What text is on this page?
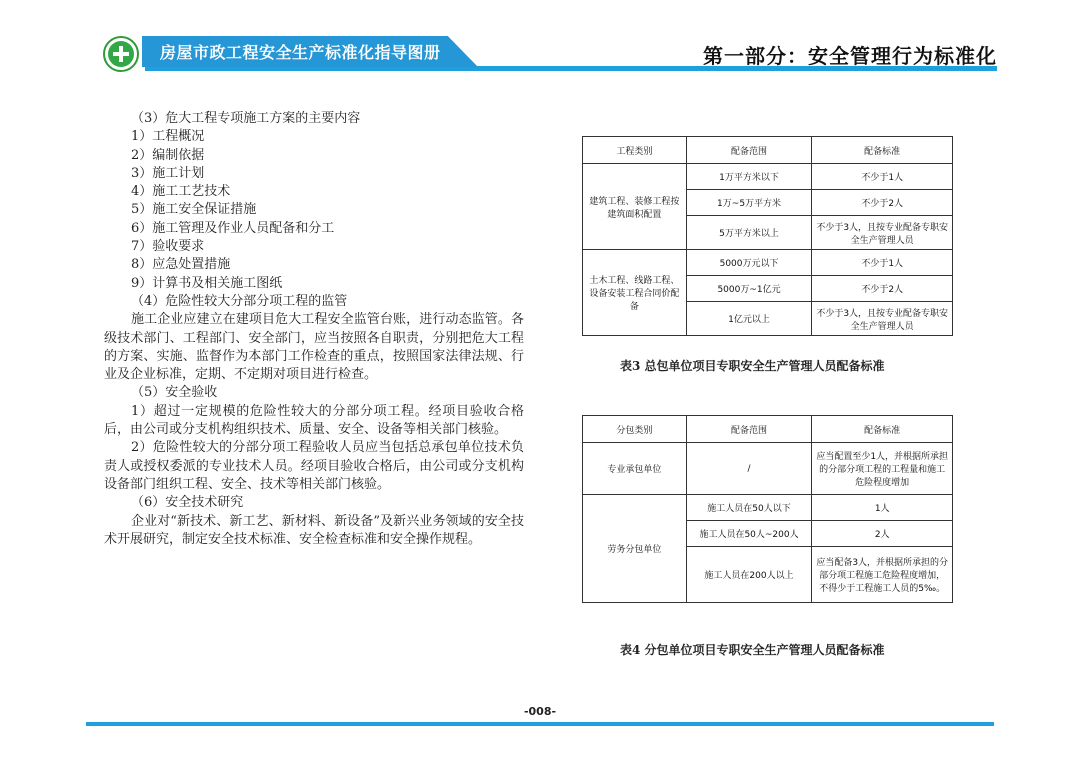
房屋市政工程安全生产标准化指导图册	第一部分：安全管理行为标准化

（3）危大工程专项施工方案的主要内容

1）工程概况

2）编制依据

3）施工计划

4）施工工艺技术

5）施工安全保证措施

6）施工管理及作业人员配备和分工

7）验收要求

8）应急处置措施

9）计算书及相关施工图纸

（4）危险性较大分部分项工程的监管

施工企业应建立在建项目危大工程安全监管台账，进行动态监管。各级技术部门、工程部门、安全部门，应当按照各自职责，分别把危大工程的方案、实施、监督作为本部门工作检查的重点，按照国家法律法规、行业及企业标准，定期、不定期对项目进行检查。

（5）安全验收

1）超过一定规模的危险性较大的分部分项工程。经项目验收合格后，由公司或分支机构组织技术、质量、安全、设备等相关部门核验。

2）危险性较大的分部分项工程验收人员应当包括总承包单位技术负责人或授权委派的专业技术人员。经项目验收合格后，由公司或分支机构设备部门组织工程、安全、技术等相关部门核验。

（6）安全技术研究

企业对“新技术、新工艺、新材料、新设备”及新兴业务领域的安全技术开展研究，制定安全技术标准、安全检查标准和安全操作规程。

工程类别	配备范围	配备标准
建筑工程、装修工程按建筑面积配置	1万平方米以下	不少于1人
	1万~5万平方米	不少于2人
	5万平方米以上	不少于3人，且按专业配备专职安全生产管理人员
土木工程、线路工程、设备安装工程合同价配备	5000万元以下	不少于1人
	5000万~1亿元	不少于2人
	1亿元以上	不少于3人，且按专业配备专职安全生产管理人员
表3 总包单位项目专职安全生产管理人员配备标准
分包类别	配备范围	配备标准
专业承包单位	/	应当配置至少1人，并根据所承担的分部分项工程的工程量和施工危险程度增加
劳务分包单位	施工人员在50人以下	1人
	施工人员在50人~200人	2人
	施工人员在200人以上	应当配备3人，并根据所承担的分部分项工程施工危险程度增加，不得少于工程施工人员的5‰。
表4 分包单位项目专职安全生产管理人员配备标准
-008-
